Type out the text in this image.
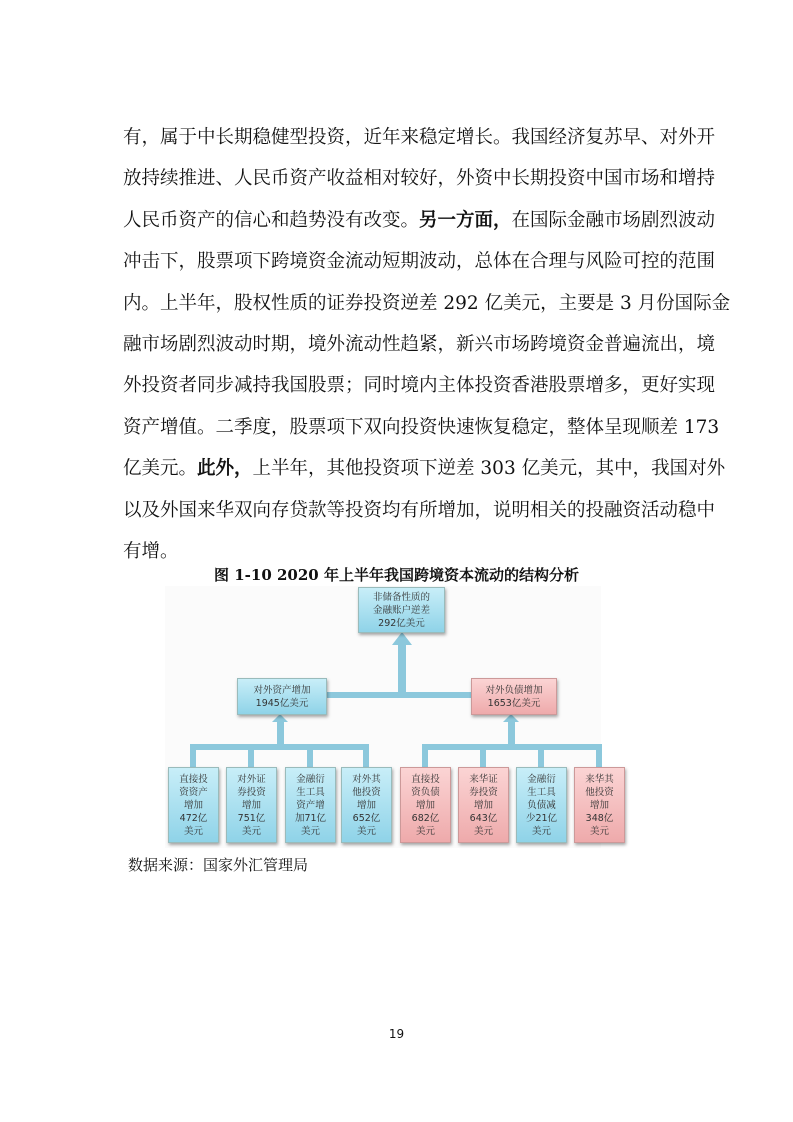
有，属于中长期稳健型投资，近年来稳定增长。我国经济复苏早、对外开
放持续推进、人民币资产收益相对较好，外资中长期投资中国市场和增持
人民币资产的信心和趋势没有改变。另一方面，在国际金融市场剧烈波动
冲击下，股票项下跨境资金流动短期波动，总体在合理与风险可控的范围
内。上半年，股权性质的证券投资逆差 292 亿美元，主要是 3 月份国际金
融市场剧烈波动时期，境外流动性趋紧，新兴市场跨境资金普遍流出，境
外投资者同步减持我国股票；同时境内主体投资香港股票增多，更好实现
资产增值。二季度，股票项下双向投资快速恢复稳定，整体呈现顺差 173
亿美元。此外，上半年，其他投资项下逆差 303 亿美元，其中，我国对外
以及外国来华双向存贷款等投资均有所增加，说明相关的投融资活动稳中
有增。
图 1-10 2020 年上半年我国跨境资本流动的结构分析
非储备性质的
金融账户逆差
292亿美元
对外资产增加
1945亿美元
对外负债增加
1653亿美元
直接投
资资产
增加
472亿
美元
对外证
券投资
增加
751亿
美元
金融衍
生工具
资产增
加71亿
美元
对外其
他投资
增加
652亿
美元
直接投
资负债
增加
682亿
美元
来华证
券投资
增加
643亿
美元
金融衍
生工具
负债减
少21亿
美元
来华其
他投资
增加
348亿
美元
数据来源：国家外汇管理局
19
